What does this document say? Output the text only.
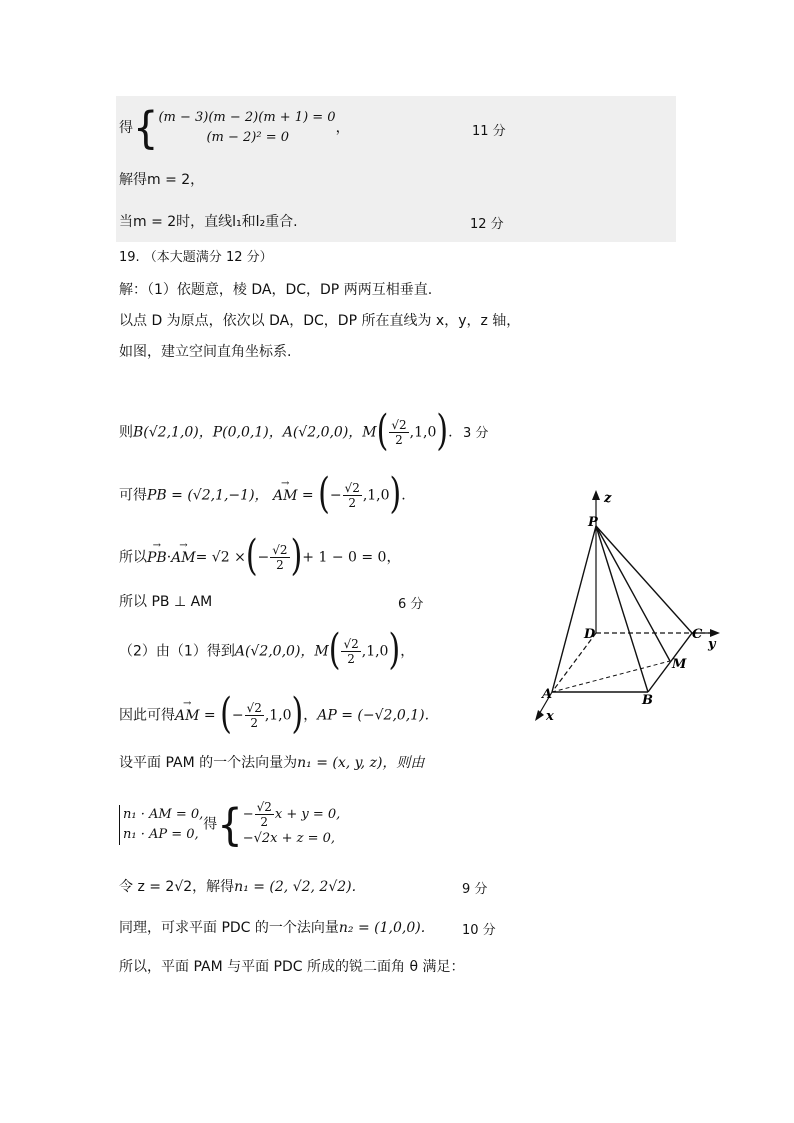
得{ (m − 3)(m − 2)(m + 1) = 0
(m − 2)² = 0
，	11 分
解得m = 2，
当m = 2时，直线l₁和l₂重合.	12 分
19. （本大题满分 12 分）
解：（1）依题意，棱 DA，DC，DP 两两互相垂直.
以点 D 为原点，依次以 DA，DC，DP 所在直线为 x，y，z 轴，
如图，建立空间直角坐标系.
则B(√2,1,0)，P(0,0,1)，A(√2,0,0)，$M( \frac{√2}{2} ,1,0)$. 3 分
可得PB = (√2,1,−1)， → AM = (− $\frac{√2}{2} ,1,0$).
所以→ PB·→ AM= √2 ×(− $\frac{√2}{2}$ )+ 1 − 0 = 0，
所以 PB ⊥ AM	6 分
（2）由（1）得到A(√2,0,0)，$M( \frac{√2}{2} ,1,0)$，
因此可得→ AM = (− $\frac{√2}{2} ,1,0$)，AP = (−√2,0,1).
设平面 PAM 的一个法向量为n₁ = (x, y, z)，则由
n₁ · AM = 0,
n₁ · AP = 0,
得{ − $\frac{√2}{2}$ x + y = 0,
−√2x + z = 0,
令 z = 2√2，解得n₁ = (2, √2, 2√2).	9 分
同理，可求平面 PDC 的一个法向量n₂ = (1,0,0).	10 分
所以，平面 PAM 与平面 PDC 所成的锐二面角 θ 满足：
z
P
D	C
y
M
A	B
x
